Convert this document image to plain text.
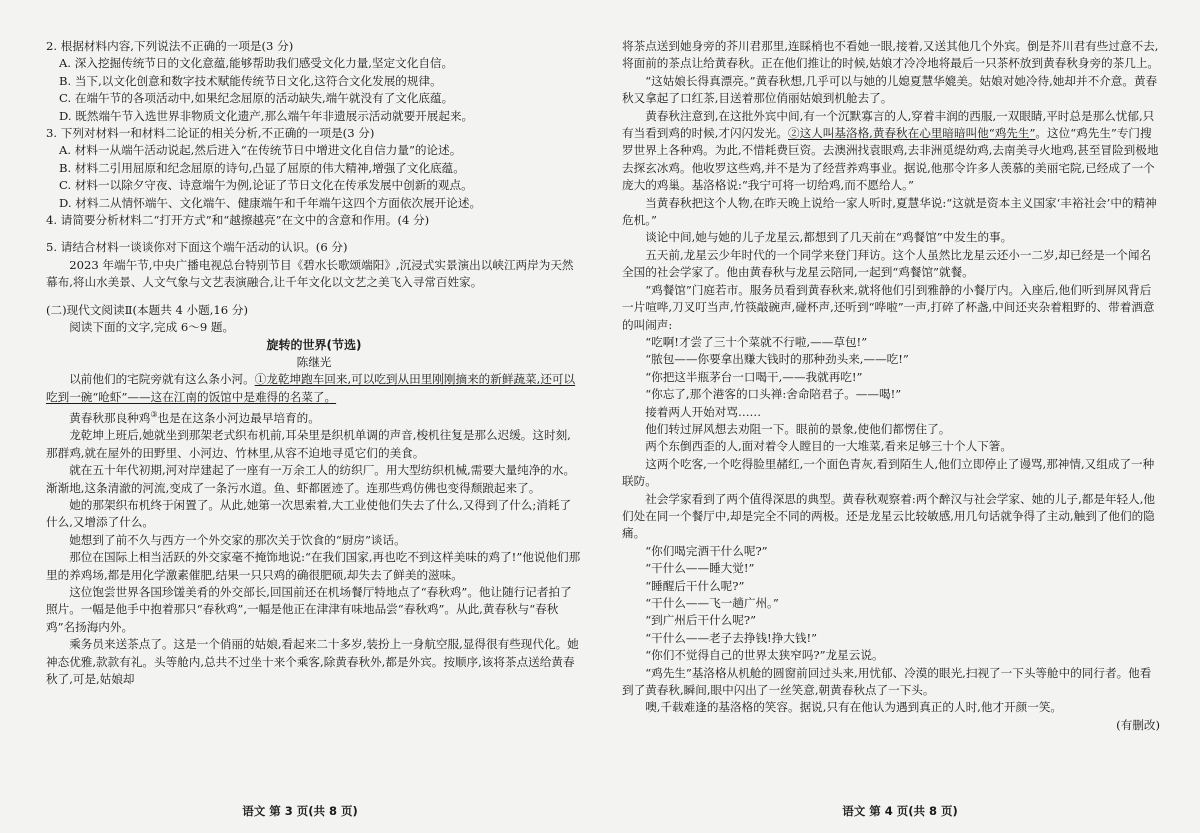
2. 根据材料内容,下列说法不正确的一项是(3 分)

A. 深入挖掘传统节日的文化意蕴,能够帮助我们感受文化力量,坚定文化自信。

B. 当下,以文化创意和数字技术赋能传统节日文化,这符合文化发展的规律。

C. 在端午节的各项活动中,如果纪念屈原的活动缺失,端午就没有了文化底蕴。

D. 既然端午节入选世界非物质文化遗产,那么端午年非遗展示活动就要开展起来。

3. 下列对材料一和材料二论证的相关分析,不正确的一项是(3 分)

A. 材料一从端午活动说起,然后进入“在传统节日中增进文化自信力量”的论述。

B. 材料二引用屈原和纪念屈原的诗句,凸显了屈原的伟大精神,增强了文化底蕴。

C. 材料一以除夕守夜、诗意端午为例,论证了节日文化在传承发展中创新的观点。

D. 材料二从情怀端午、文化端午、健康端午和千年端午这四个方面依次展开论述。

4. 请简要分析材料二“打开方式”和“越擦越亮”在文中的含意和作用。(4 分)

5. 请结合材料一谈谈你对下面这个端午活动的认识。(6 分)

2023 年端午节,中央广播电视总台特别节目《碧水长歌颂端阳》,沉浸式实景演出以峡江两岸为天然幕布,将山水美景、人文气象与文艺表演融合,让千年文化以文艺之美飞入寻常百姓家。

(二)现代文阅读Ⅱ(本题共 4 小题,16 分)

阅读下面的文字,完成 6～9 题。

旋转的世界(节选)

陈继光

以前他们的宅院旁就有这么条小河。①龙乾坤跑车回来,可以吃到从田里刚刚摘来的新鲜蔬菜,还可以吃到一碗“呛虾”——这在江南的饭馆中是难得的名菜了。

黄春秋那良种鸡③也是在这条小河边最早培育的。

龙乾坤上班后,她就坐到那架老式织布机前,耳朵里是织机单调的声音,梭机往复是那么迟缓。这时刻,那群鸡,就在屋外的田野里、小河边、竹林里,从容不迫地寻觅它们的美食。

就在五十年代初期,河对岸建起了一座有一万余工人的纺织厂。用大型纺织机械,需要大量纯净的水。渐渐地,这条清澈的河流,变成了一条污水道。鱼、虾都匿迹了。连那些鸡仿佛也变得颓踉起来了。

她的那架织布机终于闲置了。从此,她第一次思索着,大工业使他们失去了什么,又得到了什么;消耗了什么,又增添了什么。

她想到了前不久与西方一个外交家的那次关于饮食的“厨房”谈话。

那位在国际上相当活跃的外交家毫不掩饰地说:“在我们国家,再也吃不到这样美味的鸡了!”他说他们那里的养鸡场,都是用化学激素催肥,结果一只只鸡的确很肥硕,却失去了鲜美的滋味。

这位饱尝世界各国珍馐美肴的外交部长,回国前还在机场餐厅特地点了“春秋鸡”。他让随行记者拍了照片。一幅是他手中抱着那只“春秋鸡”,一幅是他正在津津有味地品尝“春秋鸡”。从此,黄春秋与“春秋鸡”名扬海内外。

乘务员来送茶点了。这是一个俏丽的姑娘,看起来二十多岁,装扮上一身航空服,显得很有些现代化。她神态优雅,款款有礼。头等舱内,总共不过坐十来个乘客,除黄春秋外,都是外宾。按顺序,该将茶点送给黄春秋了,可是,姑娘却

语文 第 3 页(共 8 页)

将茶点送到她身旁的芥川君那里,连睬梢也不看她一眼,接着,又送其他几个外宾。倒是芥川君有些过意不去,将面前的茶点让给黄春秋。正在他们推让的时候,姑娘才冷冷地将最后一只茶杯放到黄春秋身旁的茶几上。

“这姑娘长得真漂亮。”黄春秋想,几乎可以与她的儿媳夏慧华媲美。姑娘对她冷待,她却并不介意。黄春秋又拿起了口红茶,目送着那位俏丽姑娘到机舱去了。

黄春秋注意到,在这批外宾中间,有一个沉默寡言的人,穿着丰润的西服,一双眼睛,平时总是那么忧郁,只有当看到鸡的时候,才闪闪发光。②这人叫基洛格,黄春秋在心里暗暗叫他“鸡先生”。这位“鸡先生”专门搜罗世界上各种鸡。为此,不惜耗费巨资。去澳洲找袁眼鸡,去非洲觅缇幼鸡,去南美寻火地鸡,甚至冒险到极地去探玄冰鸡。他收罗这些鸡,并不是为了经营养鸡事业。据说,他那令许多人羡慕的美丽宅院,已经成了一个庞大的鸡巢。基洛格说:“我宁可将一切给鸡,而不愿给人。”

当黄春秋把这个人物,在昨天晚上说给一家人听时,夏慧华说:“这就是资本主义国家‘丰裕社会’中的精神危机。”

谈论中间,她与她的儿子龙星云,都想到了几天前在“鸡餐馆”中发生的事。

五天前,龙星云少年时代的一个同学来登门拜访。这个人虽然比龙星云还小一二岁,却已经是一个闻名全国的社会学家了。他由黄春秋与龙星云陪同,一起到“鸡餐馆”就餐。

“鸡餐馆”门庭若市。服务员看到黄春秋来,就将他们引到雅静的小餐厅内。入座后,他们听到屏风背后一片喧哗,刀叉叮当声,竹筷敲碗声,碰杯声,还听到“哗啦”一声,打碎了杯盏,中间还夹杂着粗野的、带着酒意的叫闹声:

“吃啊!才尝了三十个菜就不行啦,——草包!”

“脓包——你要拿出赚大钱时的那种劲头来,——吃!”

“你把这半瓶茅台一口喝干,——我就再吃!”

“你忘了,那个港客的口头禅:舍命陪君子。——喝!”

接着两人开始对骂……

他们转过屏风想去劝阻一下。眼前的景象,使他们都愣住了。

两个东倒西歪的人,面对着令人瞠目的一大堆菜,看来足够三十个人下箸。

这两个吃客,一个吃得脸里赭红,一个面色青灰,看到陌生人,他们立即停止了谩骂,那神情,又组成了一种联防。

社会学家看到了两个值得深思的典型。黄春秋观察着:两个醉汉与社会学家、她的儿子,都是年轻人,他们处在同一个餐厅中,却是完全不同的两极。还是龙星云比较敏感,用几句话就争得了主动,触到了他们的隐痛。

“你们喝完酒干什么呢?”

“干什么——睡大觉!”

“睡醒后干什么呢?”

“干什么——飞一趟广州。”

“到广州后干什么呢?”

“干什么——老子去挣钱!挣大钱!”

“你们不觉得自己的世界太狭窄吗?”龙星云说。

“鸡先生”基洛格从机舱的圆窗前回过头来,用忧郁、冷漠的眼光,扫视了一下头等舱中的同行者。他看到了黄春秋,瞬间,眼中闪出了一丝笑意,朝黄春秋点了一下头。

噢,千载难逢的基洛格的笑容。据说,只有在他认为遇到真正的人时,他才开颜一笑。

(有删改)

语文 第 4 页(共 8 页)
